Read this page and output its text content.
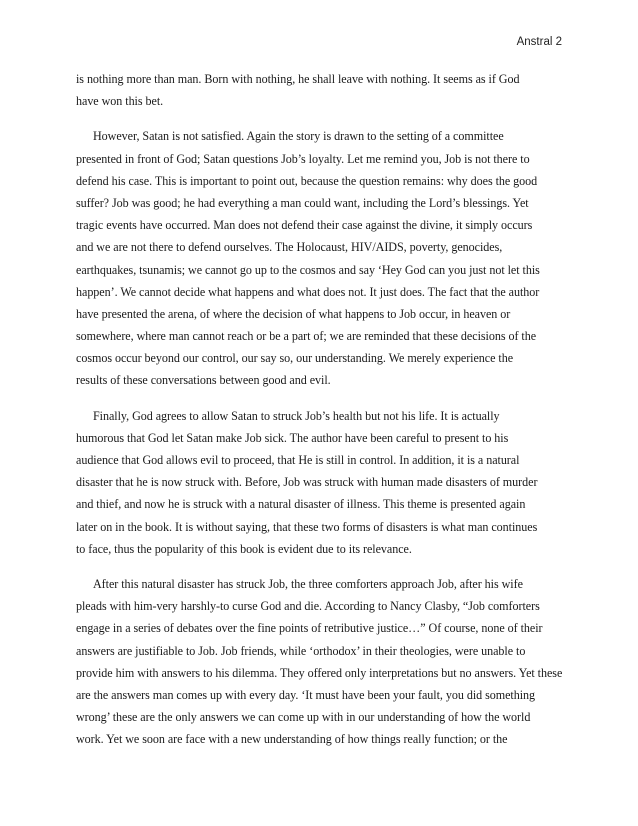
Anstral 2
is nothing more than man. Born with nothing, he shall leave with nothing. It seems as if God
have won this bet.
However, Satan is not satisfied. Again the story is drawn to the setting of a committee
presented in front of God; Satan questions Job’s loyalty. Let me remind you, Job is not there to
defend his case. This is important to point out, because the question remains: why does the good
suffer? Job was good; he had everything a man could want, including the Lord’s blessings. Yet
tragic events have occurred. Man does not defend their case against the divine, it simply occurs
and we are not there to defend ourselves. The Holocaust, HIV/AIDS, poverty, genocides,
earthquakes, tsunamis; we cannot go up to the cosmos and say ‘Hey God can you just not let this
happen’. We cannot decide what happens and what does not. It just does. The fact that the author
have presented the arena, of where the decision of what happens to Job occur, in heaven or
somewhere, where man cannot reach or be a part of; we are reminded that these decisions of the
cosmos occur beyond our control, our say so, our understanding. We merely experience the
results of these conversations between good and evil.
Finally, God agrees to allow Satan to struck Job’s health but not his life. It is actually
humorous that God let Satan make Job sick. The author have been careful to present to his
audience that God allows evil to proceed, that He is still in control. In addition, it is a natural
disaster that he is now struck with. Before, Job was struck with human made disasters of murder
and thief, and now he is struck with a natural disaster of illness. This theme is presented again
later on in the book. It is without saying, that these two forms of disasters is what man continues
to face, thus the popularity of this book is evident due to its relevance.
After this natural disaster has struck Job, the three comforters approach Job, after his wife
pleads with him-very harshly-to curse God and die. According to Nancy Clasby, “Job comforters
engage in a series of debates over the fine points of retributive justice…” Of course, none of their
answers are justifiable to Job. Job friends, while ‘orthodox’ in their theologies, were unable to
provide him with answers to his dilemma. They offered only interpretations but no answers. Yet these
are the answers man comes up with every day. ‘It must have been your fault, you did something
wrong’ these are the only answers we can come up with in our understanding of how the world
work. Yet we soon are face with a new understanding of how things really function; or the
